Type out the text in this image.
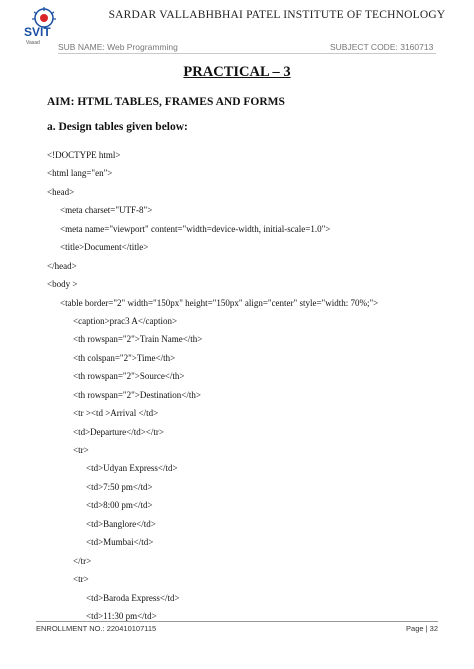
SVIT
Vasad
SARDAR VALLABHBHAI PATEL INSTITUTE OF TECHNOLOGY
SUB NAME: Web Programming	SUBJECT CODE: 3160713
PRACTICAL – 3
AIM: HTML TABLES, FRAMES AND FORMS
a. Design tables given below:
<!DOCTYPE html>
<html lang="en">
<head>
<meta charset="UTF-8">
<meta name="viewport" content="width=device-width, initial-scale=1.0">
<title>Document</title>
</head>
<body >
<table border="2" width="150px" height="150px" align="center" style="width: 70%;">
<caption>prac3 A</caption>
<th rowspan="2">Train Name</th>
<th colspan="2">Time</th>
<th rowspan="2">Source</th>
<th rowspan="2">Destination</th>
<tr ><td >Arrival </td>
<td>Departure</td></tr>
<tr>
<td>Udyan Express</td>
<td>7:50 pm</td>
<td>8:00 pm</td>
<td>Banglore</td>
<td>Mumbai</td>
</tr>
<tr>
<td>Baroda Express</td>
<td>11:30 pm</td>
ENROLLMENT NO.: 220410107115	Page | 32
